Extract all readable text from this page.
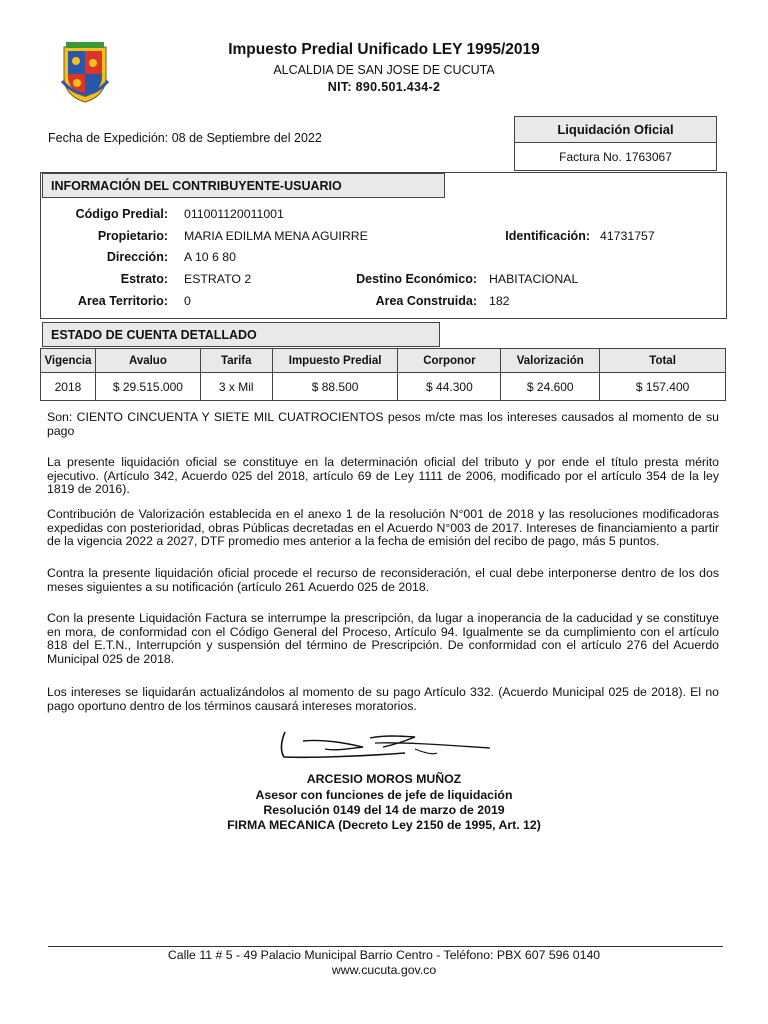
Impuesto Predial Unificado LEY 1995/2019
ALCALDIA DE SAN JOSE DE CUCUTA
NIT: 890.501.434-2
Fecha de Expedición: 08 de Septiembre del 2022
Liquidación Oficial
Factura No. 1763067
INFORMACIÓN DEL CONTRIBUYENTE-USUARIO
Código Predial: 011001120011001
Propietario: MARIA EDILMA MENA AGUIRRE	Identificación: 41731757
Dirección: A 10 6 80
Estrato: ESTRATO 2	Destino Económico: HABITACIONAL
Area Territorio: 0	Area Construida: 182
ESTADO DE CUENTA DETALLADO
Vigencia	Avaluo	Tarifa	Impuesto Predial	Corponor	Valorización	Total
2018	$ 29.515.000	3 x Mil	$ 88.500	$ 44.300	$ 24.600	$ 157.400
Son: CIENTO CINCUENTA Y SIETE MIL CUATROCIENTOS pesos m/cte mas los intereses causados al momento de su pago
La presente liquidación oficial se constituye en la determinación oficial del tributo y por ende el título presta mérito ejecutivo. (Artículo 342, Acuerdo 025 del 2018, artículo 69 de Ley 1111 de 2006, modificado por el artículo 354 de la ley 1819 de 2016).
Contribución de Valorización establecida en el anexo 1 de la resolución N°001 de 2018 y las resoluciones modificadoras expedidas con posterioridad, obras Públicas decretadas en el Acuerdo N°003 de 2017. Intereses de financiamiento a partir de la vigencia 2022 a 2027, DTF promedio mes anterior a la fecha de emisión del recibo de pago, más 5 puntos.
Contra la presente liquidación oficial procede el recurso de reconsideración, el cual debe interponerse dentro de los dos meses siguientes a su notificación (artículo 261 Acuerdo 025 de 2018.
Con la presente Liquidación Factura se interrumpe la prescripción, da lugar a inoperancia de la caducidad y se constituye en mora, de conformidad con el Código General del Proceso, Artículo 94. Igualmente se da cumplimiento con el artículo 818 del E.T.N., Interrupción y suspensión del término de Prescripción. De conformidad con el artículo 276 del Acuerdo Municipal 025 de 2018.
Los intereses se liquidarán actualizándolos al momento de su pago Artículo 332. (Acuerdo Municipal 025 de 2018). El no pago oportuno dentro de los términos causará intereses moratorios.
ARCESIO MOROS MUÑOZ
Asesor con funciones de jefe de liquidación
Resolución 0149 del 14 de marzo de 2019
FIRMA MECANICA (Decreto Ley 2150 de 1995, Art. 12)
Calle 11 # 5 - 49 Palacio Municipal Barrio Centro - Teléfono: PBX 607 596 0140
www.cucuta.gov.co
